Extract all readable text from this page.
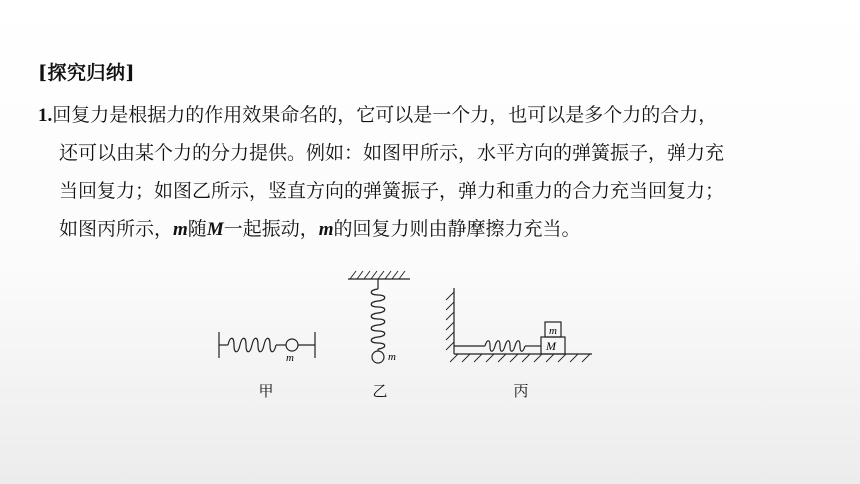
[探究归纳]
1.回复力是根据力的作用效果命名的，它可以是一个力，也可以是多个力的合力，
还可以由某个力的分力提供。例如：如图甲所示，水平方向的弹簧振子，弹力充
当回复力；如图乙所示，竖直方向的弹簧振子，弹力和重力的合力充当回复力；
如图丙所示，m随M一起振动，m的回复力则由静摩擦力充当。
m	m
m
M
甲	乙	丙
